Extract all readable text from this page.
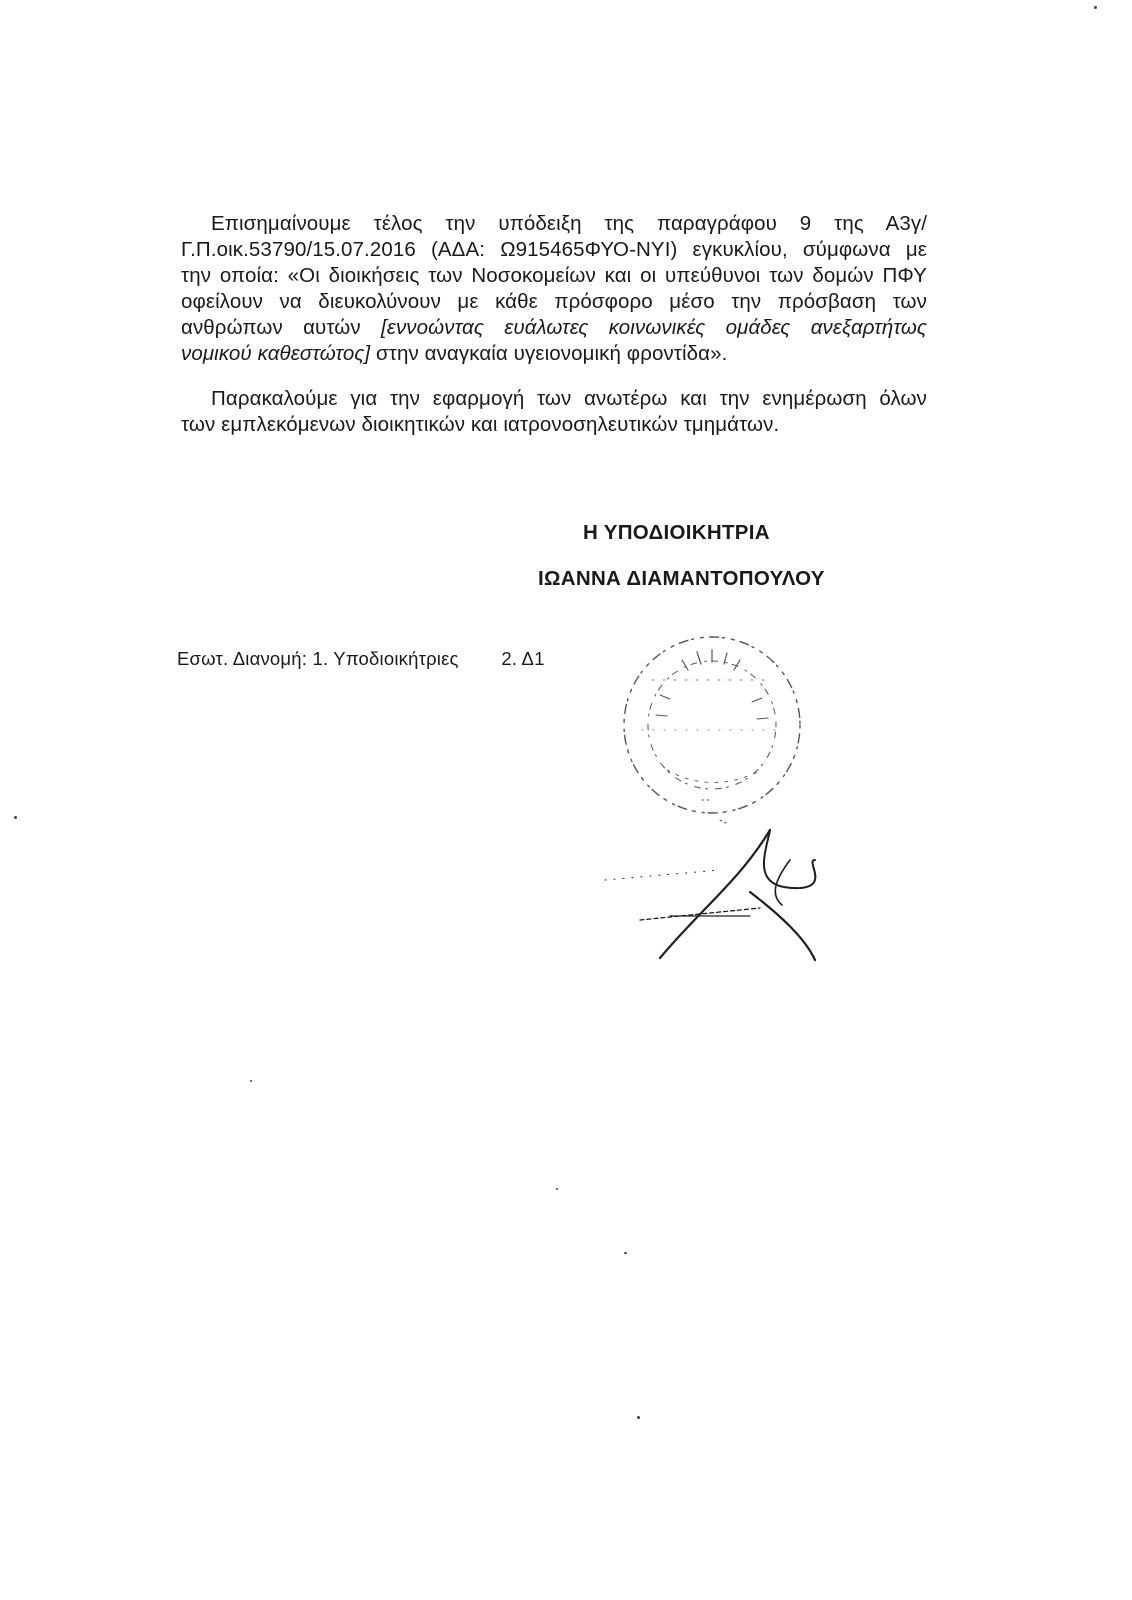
Επισημαίνουμε τέλος την υπόδειξη της παραγράφου 9 της Α3γ/
Γ.Π.οικ.53790/15.07.2016 (ΑΔΑ: Ω915465ΦΥΟ-ΝΥΙ) εγκυκλίου, σύμφωνα με
την οποία: «Οι διοικήσεις των Νοσοκομείων και οι υπεύθυνοι των δομών ΠΦΥ
οφείλουν να διευκολύνουν με κάθε πρόσφορο μέσο την πρόσβαση των
ανθρώπων αυτών [εννοώντας ευάλωτες κοινωνικές ομάδες ανεξαρτήτως
νομικού καθεστώτος] στην αναγκαία υγειονομική φροντίδα».
Παρακαλούμε για την εφαρμογή των ανωτέρω και την ενημέρωση όλων
των εμπλεκόμενων διοικητικών και ιατρονοσηλευτικών τμημάτων.
Η ΥΠΟΔΙΟΙΚΗΤΡΙΑ
ΙΩΑΝΝΑ ΔΙΑΜΑΝΤΟΠΟΥΛΟΥ
Εσωτ. Διανομή: 1. Υποδιοικήτριες 2. Δ1
